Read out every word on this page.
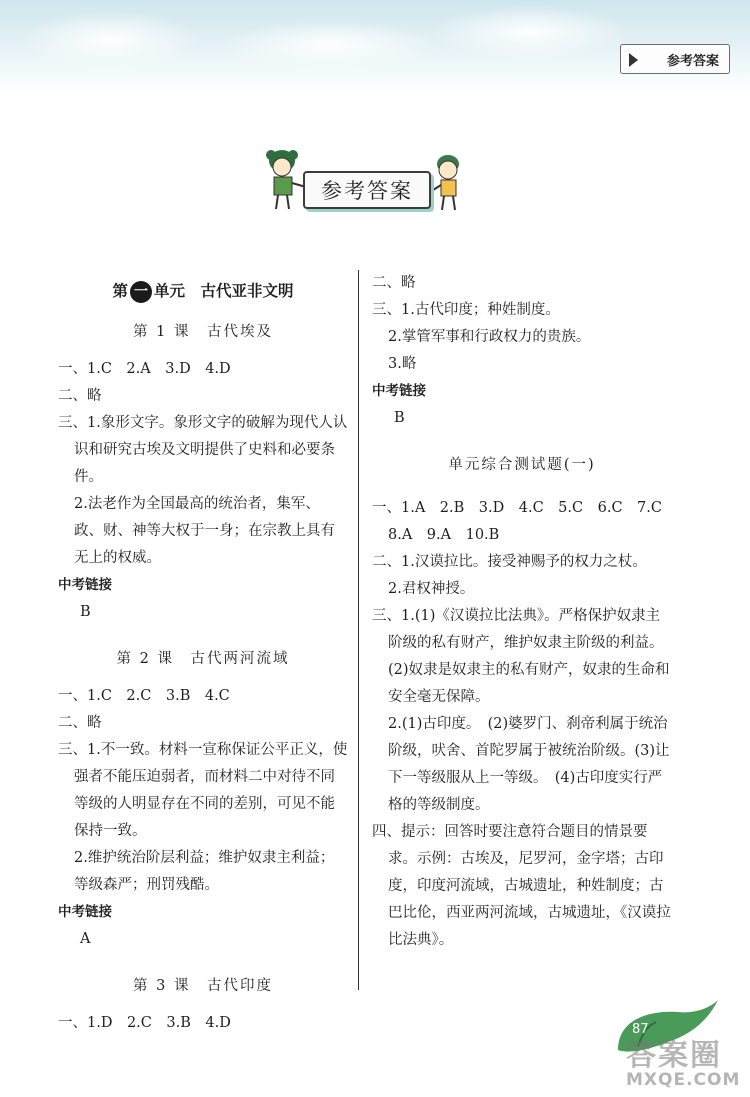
参考答案
参考答案
第 一 单元　古代亚非文明

第 1 课　古代埃及

一、1.C　2.A　3.D　4.D

二、略

三、1.象形文字。象形文字的破解为现代人认识和研究古埃及文明提供了史料和必要条件。

2.法老作为全国最高的统治者，集军、政、财、神等大权于一身；在宗教上具有无上的权威。

中考链接

B

第 2 课　古代两河流域

一、1.C　2.C　3.B　4.C

二、略

三、1.不一致。材料一宣称保证公平正义，使强者不能压迫弱者，而材料二中对待不同等级的人明显存在不同的差别，可见不能保持一致。

2.维护统治阶层利益；维护奴隶主利益；等级森严；刑罚残酷。

中考链接

A

第 3 课　古代印度

一、1.D　2.C　3.B　4.D

二、略

三、1.古代印度；种姓制度。

2.掌管军事和行政权力的贵族。

3.略

中考链接

B

单元综合测试题(一)

一、1.A　2.B　3.D　4.C　5.C　6.C　7.C

8.A　9.A　10.B

二、1.汉谟拉比。接受神赐予的权力之杖。

2.君权神授。

三、1.(1)《汉谟拉比法典》。严格保护奴隶主阶级的私有财产，维护奴隶主阶级的利益。　(2)奴隶是奴隶主的私有财产，奴隶的生命和安全毫无保障。

2.(1)古印度。　(2)婆罗门、刹帝利属于统治阶级，吠舍、首陀罗属于被统治阶级。(3)让下一等级服从上一等级。　(4)古印度实行严格的等级制度。

四、提示：回答时要注意符合题目的情景要求。示例：古埃及，尼罗河，金字塔；古印度，印度河流域，古城遗址，种姓制度；古巴比伦，西亚两河流域，古城遗址，《汉谟拉比法典》。

87
答案圈
MXQE.COM
